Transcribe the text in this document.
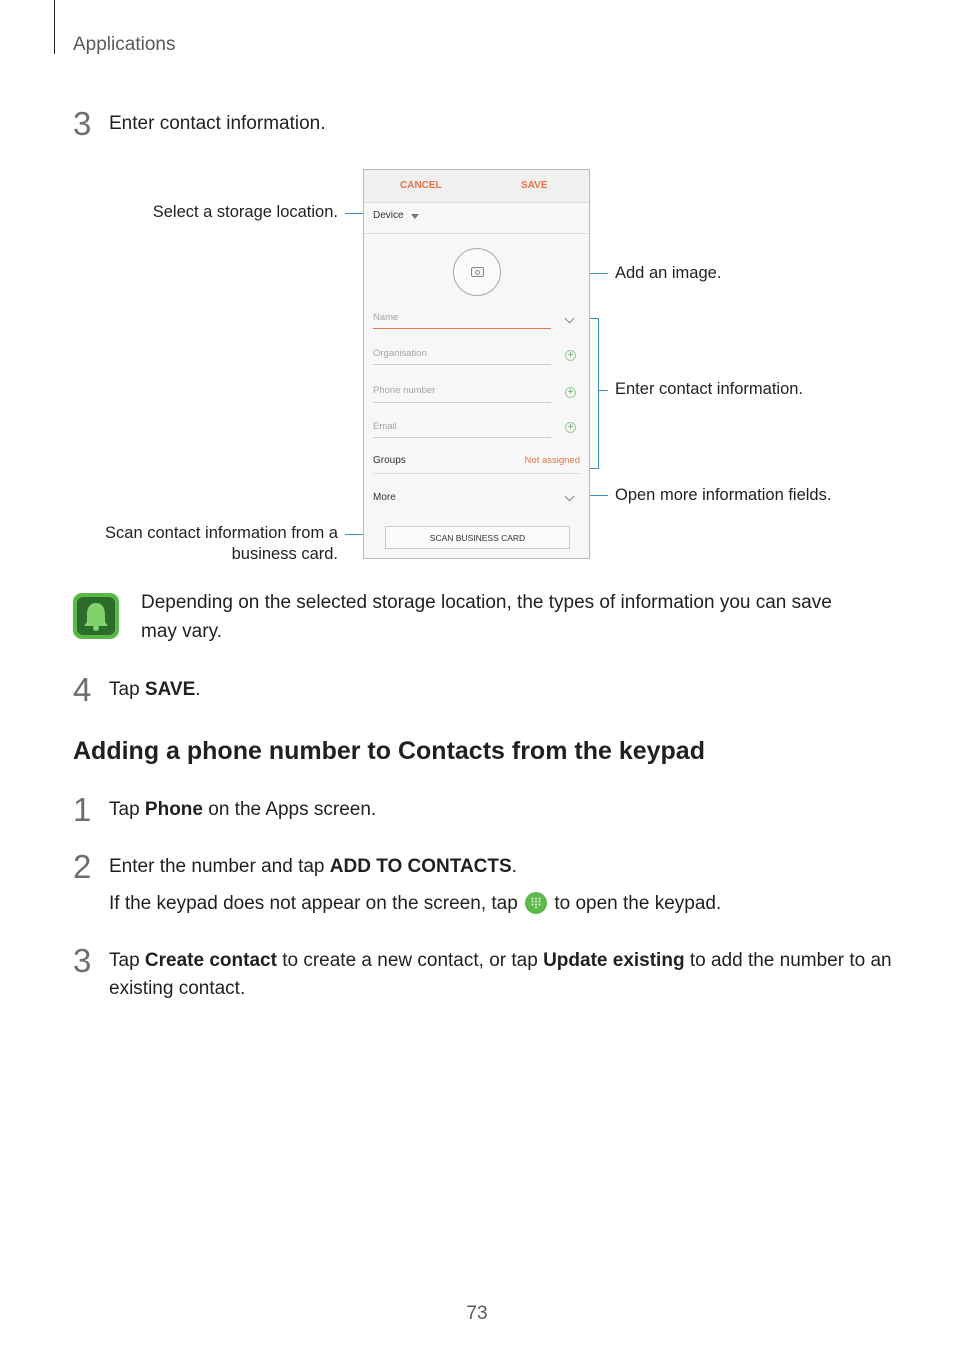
Applications
3 Enter contact information.
Select a storage location.
Add an image.
Enter contact information.
Open more information fields.
Scan contact information from a business card.
CANCEL	SAVE
Device
Name
Organisation	+
Phone number	+
Email	+
Groups	Not assigned
More
SCAN BUSINESS CARD
Depending on the selected storage location, the types of information you can save may vary.
4 Tap SAVE.
Adding a phone number to Contacts from the keypad
1 Tap Phone on the Apps screen.
2 Enter the number and tap ADD TO CONTACTS.
If the keypad does not appear on the screen, tap
to open the keypad.
3 Tap Create contact to create a new contact, or tap Update existing to add the number to an existing contact.
73
